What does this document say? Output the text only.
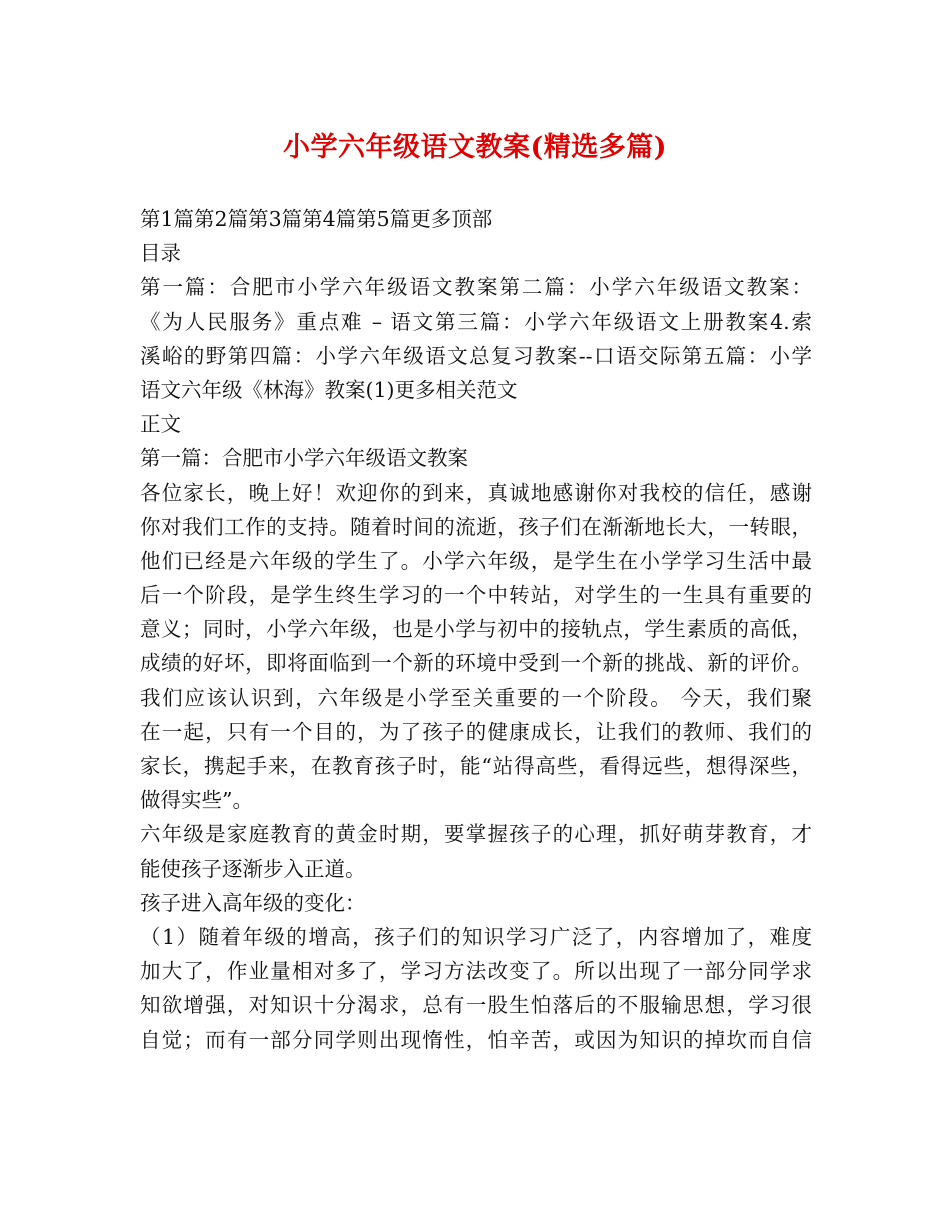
小学六年级语文教案(精选多篇)
第1篇第2篇第3篇第4篇第5篇更多顶部
目录
第一篇：合肥市小学六年级语文教案第二篇：小学六年级语文教案：
《为人民服务》重点难 – 语文第三篇：小学六年级语文上册教案4.索
溪峪的野第四篇：小学六年级语文总复习教案--口语交际第五篇：小学
语文六年级《林海》教案(1)更多相关范文
正文
第一篇：合肥市小学六年级语文教案
各位家长，晚上好！欢迎你的到来，真诚地感谢你对我校的信任，感谢
你对我们工作的支持。随着时间的流逝，孩子们在渐渐地长大，一转眼，
他们已经是六年级的学生了。小学六年级，是学生在小学学习生活中最
后一个阶段，是学生终生学习的一个中转站，对学生的一生具有重要的
意义；同时，小学六年级，也是小学与初中的接轨点，学生素质的高低，
成绩的好坏，即将面临到一个新的环境中受到一个新的挑战、新的评价。
我们应该认识到，六年级是小学至关重要的一个阶段。 今天，我们聚
在一起，只有一个目的，为了孩子的健康成长，让我们的教师、我们的
家长，携起手来，在教育孩子时，能“站得高些，看得远些，想得深些，
做得实些”。
六年级是家庭教育的黄金时期，要掌握孩子的心理，抓好萌芽教育，才
能使孩子逐渐步入正道。
孩子进入高年级的变化：
（1）随着年级的增高，孩子们的知识学习广泛了，内容增加了，难度
加大了，作业量相对多了，学习方法改变了。所以出现了一部分同学求
知欲增强，对知识十分渴求，总有一股生怕落后的不服输思想，学习很
自觉；而有一部分同学则出现惰性，怕辛苦，或因为知识的掉坎而自信
